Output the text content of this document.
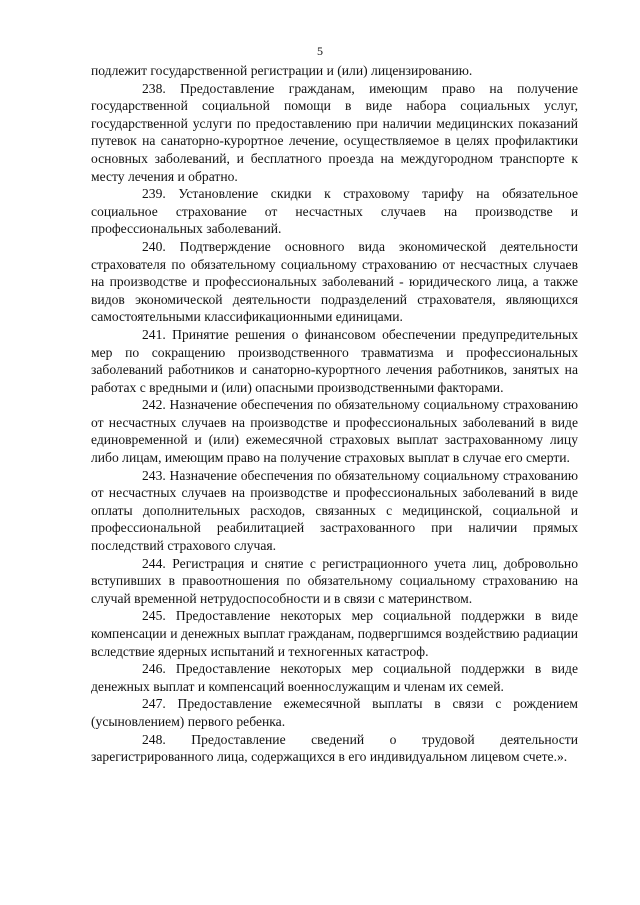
5

подлежит государственной регистрации и (или) лицензированию.

238. Предоставление гражданам, имеющим право на получение государственной социальной помощи в виде набора социальных услуг, государственной услуги по предоставлению при наличии медицинских показаний путевок на санаторно-курортное лечение, осуществляемое в целях профилактики основных заболеваний, и бесплатного проезда на междугородном транспорте к месту лечения и обратно.

239. Установление скидки к страховому тарифу на обязательное социальное страхование от несчастных случаев на производстве и профессиональных заболеваний.

240. Подтверждение основного вида экономической деятельности страхователя по обязательному социальному страхованию от несчастных случаев на производстве и профессиональных заболеваний - юридического лица, а также видов экономической деятельности подразделений страхователя, являющихся самостоятельными классификационными единицами.

241. Принятие решения о финансовом обеспечении предупредительных мер по сокращению производственного травматизма и профессиональных заболеваний работников и санаторно-курортного лечения работников, занятых на работах с вредными и (или) опасными производственными факторами.

242. Назначение обеспечения по обязательному социальному страхованию от несчастных случаев на производстве и профессиональных заболеваний в виде единовременной и (или) ежемесячной страховых выплат застрахованному лицу либо лицам, имеющим право на получение страховых выплат в случае его смерти.

243. Назначение обеспечения по обязательному социальному страхованию от несчастных случаев на производстве и профессиональных заболеваний в виде оплаты дополнительных расходов, связанных с медицинской, социальной и профессиональной реабилитацией застрахованного при наличии прямых последствий страхового случая.

244. Регистрация и снятие с регистрационного учета лиц, добровольно вступивших в правоотношения по обязательному социальному страхованию на случай временной нетрудоспособности и в связи с материнством.

245. Предоставление некоторых мер социальной поддержки в виде компенсации и денежных выплат гражданам, подвергшимся воздействию радиации вследствие ядерных испытаний и техногенных катастроф.

246. Предоставление некоторых мер социальной поддержки в виде денежных выплат и компенсаций военнослужащим и членам их семей.

247. Предоставление ежемесячной выплаты в связи с рождением (усыновлением) первого ребенка.

248. Предоставление сведений о трудовой деятельности зарегистрированного лица, содержащихся в его индивидуальном лицевом счете.».
